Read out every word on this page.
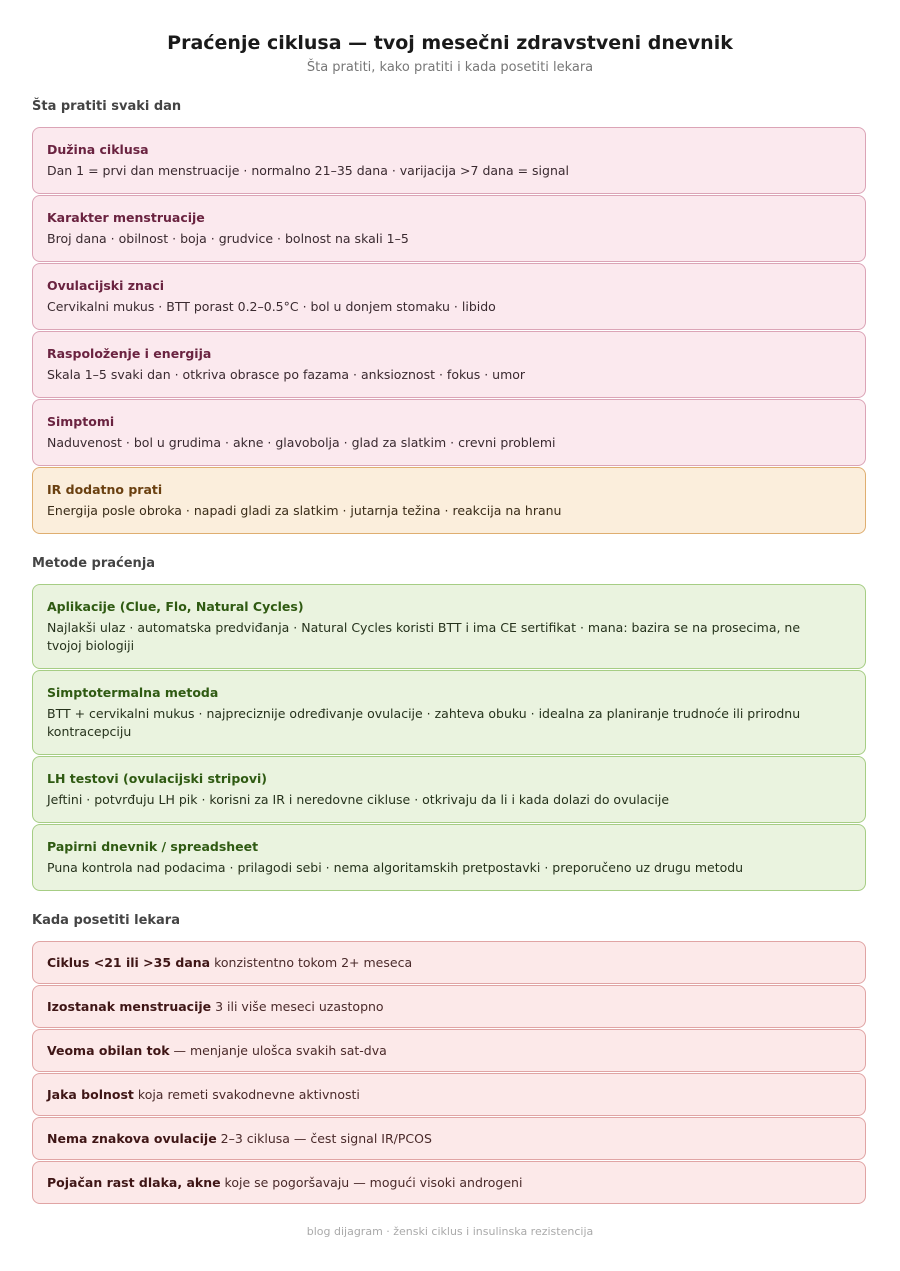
Praćenje ciklusa — tvoj mesečni zdravstveni dnevnik
Šta pratiti, kako pratiti i kada posetiti lekara
Šta pratiti svaki dan
Dužina ciklusa
Dan 1 = prvi dan menstruacije · normalno 21–35 dana · varijacija >7 dana = signal
Karakter menstruacije
Broj dana · obilnost · boja · grudvice · bolnost na skali 1–5
Ovulacijski znaci
Cervikalni mukus · BTT porast 0.2–0.5°C · bol u donjem stomaku · libido
Raspoloženje i energija
Skala 1–5 svaki dan · otkriva obrasce po fazama · anksioznost · fokus · umor
Simptomi
Naduvenost · bol u grudima · akne · glavobolja · glad za slatkim · crevni problemi
IR dodatno prati
Energija posle obroka · napadi gladi za slatkim · jutarnja težina · reakcija na hranu
Metode praćenja
Aplikacije (Clue, Flo, Natural Cycles)
Najlakši ulaz · automatska predviđanja · Natural Cycles koristi BTT i ima CE sertifikat · mana: bazira se na prosecima, ne tvojoj biologiji
Simptotermalna metoda
BTT + cervikalni mukus · najpreciznije određivanje ovulacije · zahteva obuku · idealna za planiranje trudnoće ili prirodnu kontracepciju
LH testovi (ovulacijski stripovi)
Jeftini · potvrđuju LH pik · korisni za IR i neredovne cikluse · otkrivaju da li i kada dolazi do ovulacije
Papirni dnevnik / spreadsheet
Puna kontrola nad podacima · prilagodi sebi · nema algoritamskih pretpostavki · preporučeno uz drugu metodu
Kada posetiti lekara
Ciklus <21 ili >35 dana konzistentno tokom 2+ meseca
Izostanak menstruacije 3 ili više meseci uzastopno
Veoma obilan tok — menjanje ulošca svakih sat-dva
Jaka bolnost koja remeti svakodnevne aktivnosti
Nema znakova ovulacije 2–3 ciklusa — čest signal IR/PCOS
Pojačan rast dlaka, akne koje se pogoršavaju — mogući visoki androgeni
blog dijagram · ženski ciklus i insulinska rezistencija
